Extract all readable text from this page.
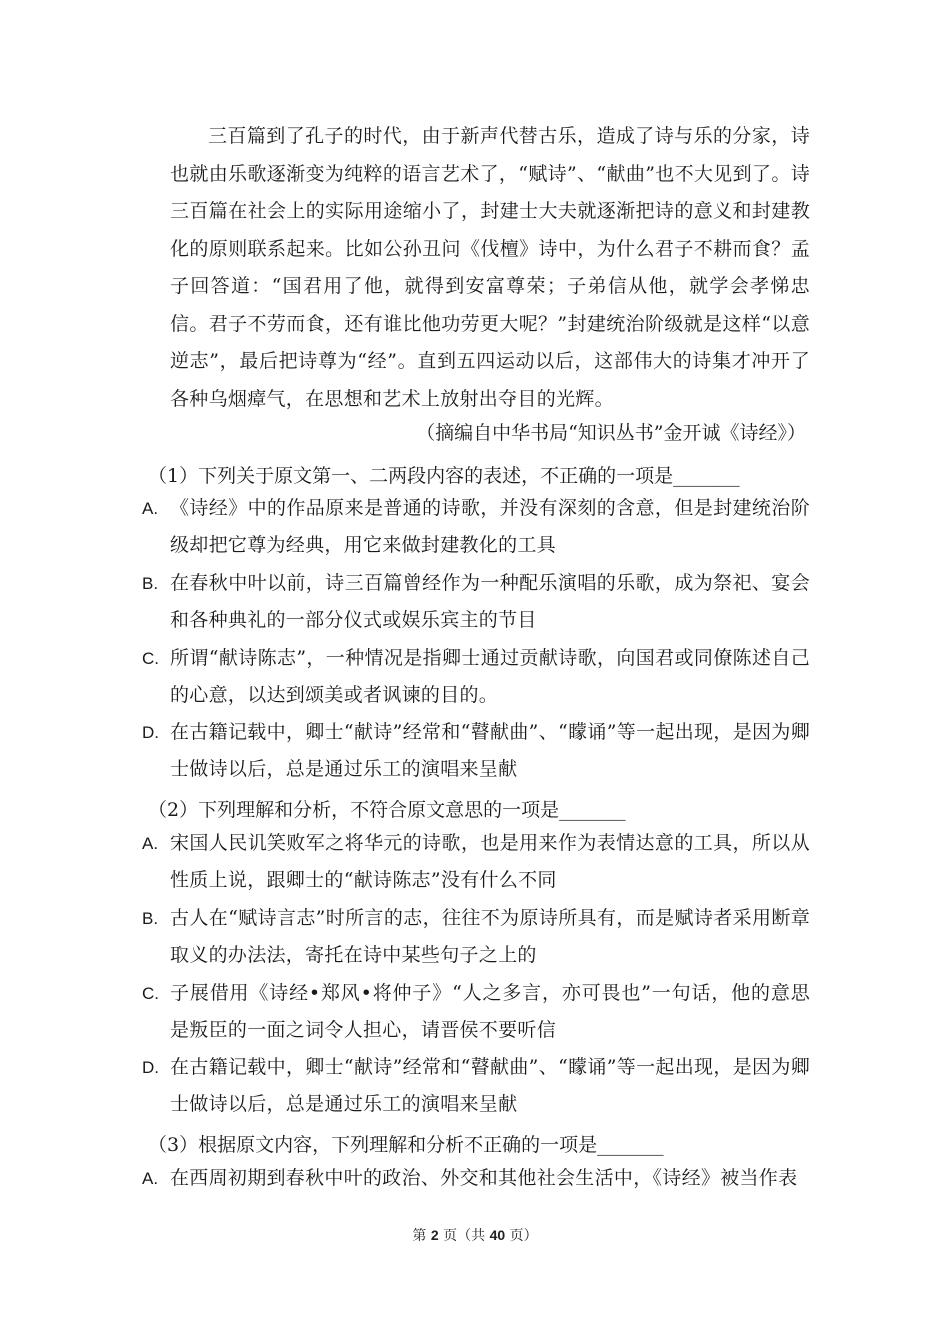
三百篇到了孔子的时代，由于新声代替古乐，造成了诗与乐的分家，诗也就由乐歌逐渐变为纯粹的语言艺术了，“赋诗”、“献曲”也不大见到了。诗三百篇在社会上的实际用途缩小了，封建士大夫就逐渐把诗的意义和封建教化的原则联系起来。比如公孙丑问《伐檀》诗中，为什么君子不耕而食？孟子回答道：“国君用了他，就得到安富尊荣；子弟信从他，就学会孝悌忠信。君子不劳而食，还有谁比他功劳更大呢？”封建统治阶级就是这样“以意逆志”，最后把诗尊为“经”。直到五四运动以后，这部伟大的诗集才冲开了各种乌烟瘴气，在思想和艺术上放射出夺目的光辉。

（摘编自中华书局“知识丛书”金开诚《诗经》）
（1）下列关于原文第一、二两段内容的表述，不正确的一项是_______
A. 《诗经》中的作品原来是普通的诗歌，并没有深刻的含意，但是封建统治阶级却把它尊为经典，用它来做封建教化的工具
B. 在春秋中叶以前，诗三百篇曾经作为一种配乐演唱的乐歌，成为祭祀、宴会和各种典礼的一部分仪式或娱乐宾主的节目
C. 所谓“献诗陈志”，一种情况是指卿士通过贡献诗歌，向国君或同僚陈述自己的心意，以达到颂美或者讽谏的目的。
D. 在古籍记载中，卿士“献诗”经常和“瞽献曲”、“矇诵”等一起出现，是因为卿士做诗以后，总是通过乐工的演唱来呈献
（2）下列理解和分析，不符合原文意思的一项是_______
A. 宋国人民讥笑败军之将华元的诗歌，也是用来作为表情达意的工具，所以从性质上说，跟卿士的“献诗陈志”没有什么不同
B. 古人在“赋诗言志”时所言的志，往往不为原诗所具有，而是赋诗者采用断章取义的办法法，寄托在诗中某些句子之上的
C. 子展借用《诗经•郑风•将仲子》“人之多言，亦可畏也”一句话，他的意思是叛臣的一面之词令人担心，请晋侯不要听信
D. 在古籍记载中，卿士“献诗”经常和“瞽献曲”、“矇诵”等一起出现，是因为卿士做诗以后，总是通过乐工的演唱来呈献
（3）根据原文内容，下列理解和分析不正确的一项是_______
A. 在西周初期到春秋中叶的政治、外交和其他社会生活中，《诗经》被当作表
第 2 页（共 40 页）
